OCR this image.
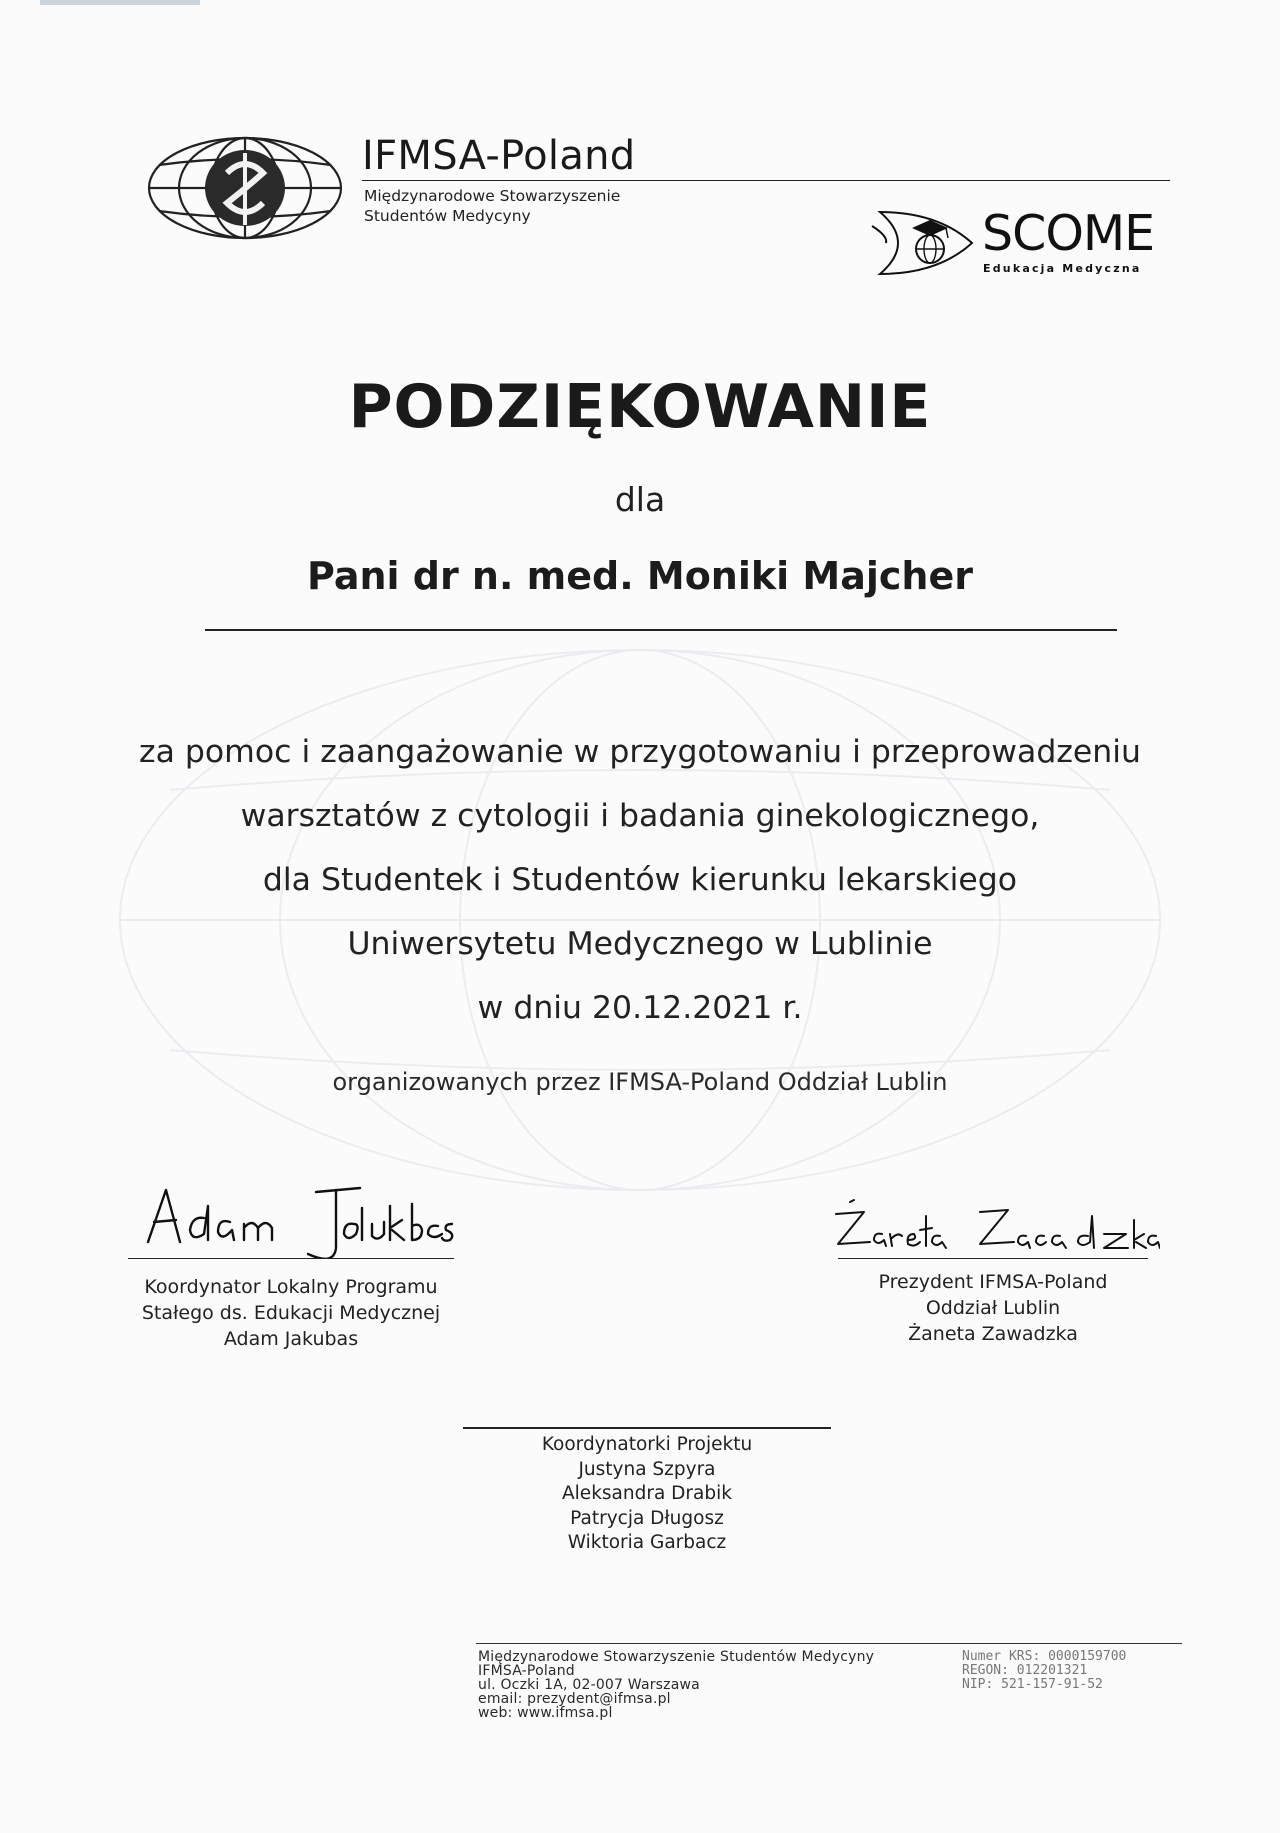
IFMSA-Poland
Międzynarodowe Stowarzyszenie
Studentów Medycyny	SCOME
Edukacja Medyczna
PODZIĘKOWANIE
dla
Pani dr n. med. Moniki Majcher
za pomoc i zaangażowanie w przygotowaniu i przeprowadzeniu
warsztatów z cytologii i badania ginekologicznego,
dla Studentek i Studentów kierunku lekarskiego
Uniwersytetu Medycznego w Lublinie
w dniu 20.12.2021 r.
organizowanych przez IFMSA-Poland Oddział Lublin
Koordynator Lokalny Programu
Stałego ds. Edukacji Medycznej
Adam Jakubas
Prezydent IFMSA-Poland
Oddział Lublin
Żaneta Zawadzka
Koordynatorki Projektu
Justyna Szpyra
Aleksandra Drabik
Patrycja Długosz
Wiktoria Garbacz
Międzynarodowe Stowarzyszenie Studentów Medycyny
IFMSA-Poland
ul. Oczki 1A, 02-007 Warszawa
email: prezydent@ifmsa.pl
web: www.ifmsa.pl
Numer KRS: 0000159700
REGON: 012201321
NIP: 521-157-91-52
